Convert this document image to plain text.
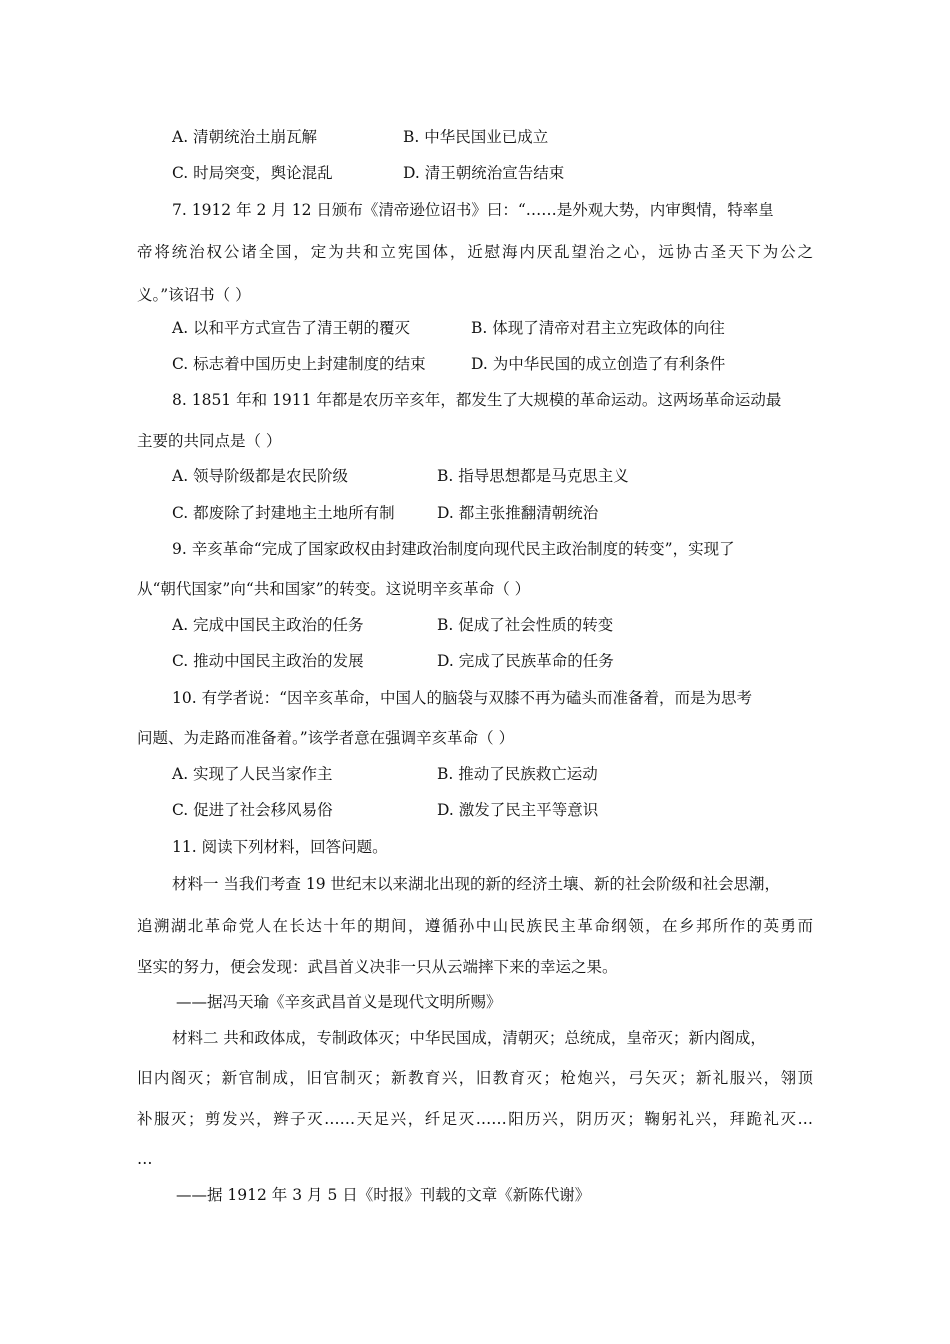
A. 清朝统治土崩瓦解	B. 中华民国业已成立
C. 时局突变，舆论混乱	D. 清王朝统治宣告结束
7. 1912 年 2 月 12 日颁布《清帝逊位诏书》曰：“……是外观大势，内审舆情，特率皇
帝将统治权公诸全国，定为共和立宪国体，近慰海内厌乱望治之心，远协古圣天下为公之
义。”该诏书（ ）
A. 以和平方式宣告了清王朝的覆灭	B. 体现了清帝对君主立宪政体的向往
C. 标志着中国历史上封建制度的结束	D. 为中华民国的成立创造了有利条件
8. 1851 年和 1911 年都是农历辛亥年，都发生了大规模的革命运动。这两场革命运动最
主要的共同点是（ ）
A. 领导阶级都是农民阶级	B. 指导思想都是马克思主义
C. 都废除了封建地主土地所有制	D. 都主张推翻清朝统治
9. 辛亥革命“完成了国家政权由封建政治制度向现代民主政治制度的转变”，实现了
从“朝代国家”向“共和国家”的转变。这说明辛亥革命（ ）
A. 完成中国民主政治的任务	B. 促成了社会性质的转变
C. 推动中国民主政治的发展	D. 完成了民族革命的任务
10. 有学者说：“因辛亥革命，中国人的脑袋与双膝不再为磕头而准备着，而是为思考
问题、为走路而准备着。”该学者意在强调辛亥革命（ ）
A. 实现了人民当家作主	B. 推动了民族救亡运动
C. 促进了社会移风易俗	D. 激发了民主平等意识
11. 阅读下列材料，回答问题。
材料一 当我们考查 19 世纪末以来湖北出现的新的经济土壤、新的社会阶级和社会思潮，
追溯湖北革命党人在长达十年的期间，遵循孙中山民族民主革命纲领，在乡邦所作的英勇而
坚实的努力，便会发现：武昌首义决非一只从云端摔下来的幸运之果。
——据冯天瑜《辛亥武昌首义是现代文明所赐》
材料二 共和政体成，专制政体灭；中华民国成，清朝灭；总统成，皇帝灭；新内阁成，
旧内阁灭；新官制成，旧官制灭；新教育兴，旧教育灭；枪炮兴，弓矢灭；新礼服兴，翎顶
补服灭；剪发兴，辫子灭……天足兴，纤足灭……阳历兴，阴历灭；鞠躬礼兴，拜跪礼灭…
…
——据 1912 年 3 月 5 日《时报》刊载的文章《新陈代谢》
